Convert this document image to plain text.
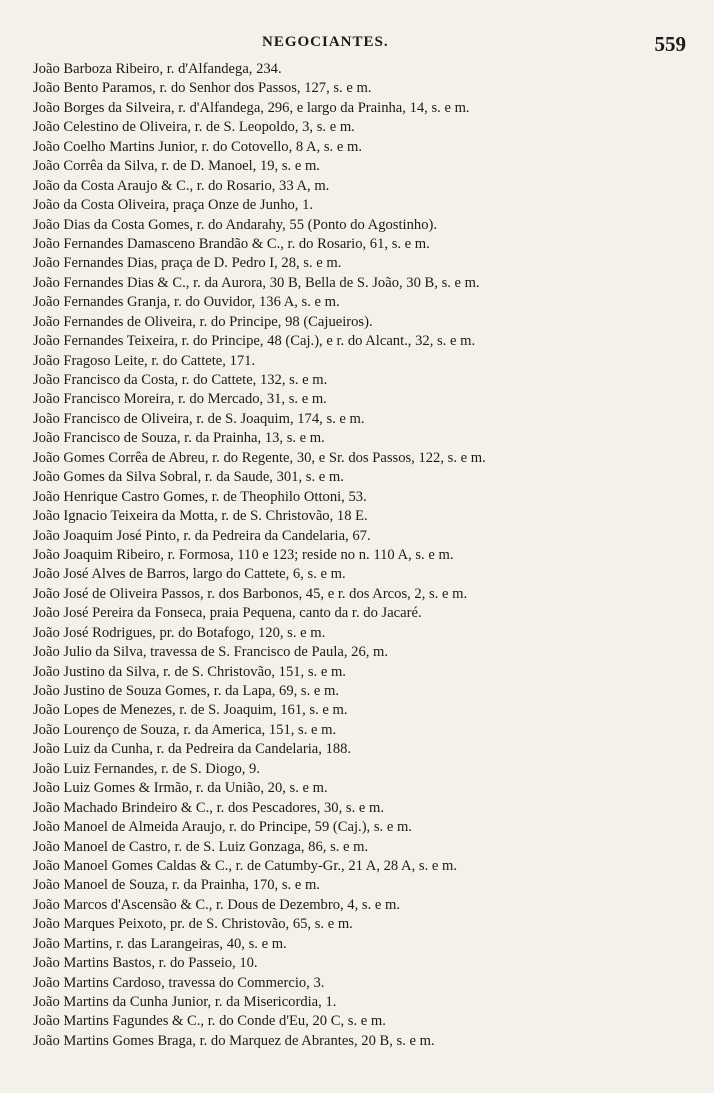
NEGOCIANTES.	559
João Barboza Ribeiro, r. d'Alfandega, 234.
João Bento Paramos, r. do Senhor dos Passos, 127, s. e m.
João Borges da Silveira, r. d'Alfandega, 296, e largo da Prainha, 14, s. e m.
João Celestino de Oliveira, r. de S. Leopoldo, 3, s. e m.
João Coelho Martins Junior, r. do Cotovello, 8 A, s. e m.
João Corrêa da Silva, r. de D. Manoel, 19, s. e m.
João da Costa Araujo & C., r. do Rosario, 33 A, m.
João da Costa Oliveira, praça Onze de Junho, 1.
João Dias da Costa Gomes, r. do Andarahy, 55 (Ponto do Agostinho).
João Fernandes Damasceno Brandão & C., r. do Rosario, 61, s. e m.
João Fernandes Dias, praça de D. Pedro I, 28, s. e m.
João Fernandes Dias & C., r. da Aurora, 30 B, Bella de S. João, 30 B, s. e m.
João Fernandes Granja, r. do Ouvidor, 136 A, s. e m.
João Fernandes de Oliveira, r. do Principe, 98 (Cajueiros).
João Fernandes Teixeira, r. do Principe, 48 (Caj.), e r. do Alcant., 32, s. e m.
João Fragoso Leite, r. do Cattete, 171.
João Francisco da Costa, r. do Cattete, 132, s. e m.
João Francisco Moreira, r. do Mercado, 31, s. e m.
João Francisco de Oliveira, r. de S. Joaquim, 174, s. e m.
João Francisco de Souza, r. da Prainha, 13, s. e m.
João Gomes Corrêa de Abreu, r. do Regente, 30, e Sr. dos Passos, 122, s. e m.
João Gomes da Silva Sobral, r. da Saude, 301, s. e m.
João Henrique Castro Gomes, r. de Theophilo Ottoni, 53.
João Ignacio Teixeira da Motta, r. de S. Christovão, 18 E.
João Joaquim José Pinto, r. da Pedreira da Candelaria, 67.
João Joaquim Ribeiro, r. Formosa, 110 e 123; reside no n. 110 A, s. e m.
João José Alves de Barros, largo do Cattete, 6, s. e m.
João José de Oliveira Passos, r. dos Barbonos, 45, e r. dos Arcos, 2, s. e m.
João José Pereira da Fonseca, praia Pequena, canto da r. do Jacaré.
João José Rodrigues, pr. do Botafogo, 120, s. e m.
João Julio da Silva, travessa de S. Francisco de Paula, 26, m.
João Justino da Silva, r. de S. Christovão, 151, s. e m.
João Justino de Souza Gomes, r. da Lapa, 69, s. e m.
João Lopes de Menezes, r. de S. Joaquim, 161, s. e m.
João Lourenço de Souza, r. da America, 151, s. e m.
João Luiz da Cunha, r. da Pedreira da Candelaria, 188.
João Luiz Fernandes, r. de S. Diogo, 9.
João Luiz Gomes & Irmão, r. da União, 20, s. e m.
João Machado Brindeiro & C., r. dos Pescadores, 30, s. e m.
João Manoel de Almeida Araujo, r. do Principe, 59 (Caj.), s. e m.
João Manoel de Castro, r. de S. Luiz Gonzaga, 86, s. e m.
João Manoel Gomes Caldas & C., r. de Catumby-Gr., 21 A, 28 A, s. e m.
João Manoel de Souza, r. da Prainha, 170, s. e m.
João Marcos d'Ascensão & C., r. Dous de Dezembro, 4, s. e m.
João Marques Peixoto, pr. de S. Christovão, 65, s. e m.
João Martins, r. das Larangeiras, 40, s. e m.
João Martins Bastos, r. do Passeio, 10.
João Martins Cardoso, travessa do Commercio, 3.
João Martins da Cunha Junior, r. da Misericordia, 1.
João Martins Fagundes & C., r. do Conde d'Eu, 20 C, s. e m.
João Martins Gomes Braga, r. do Marquez de Abrantes, 20 B, s. e m.
